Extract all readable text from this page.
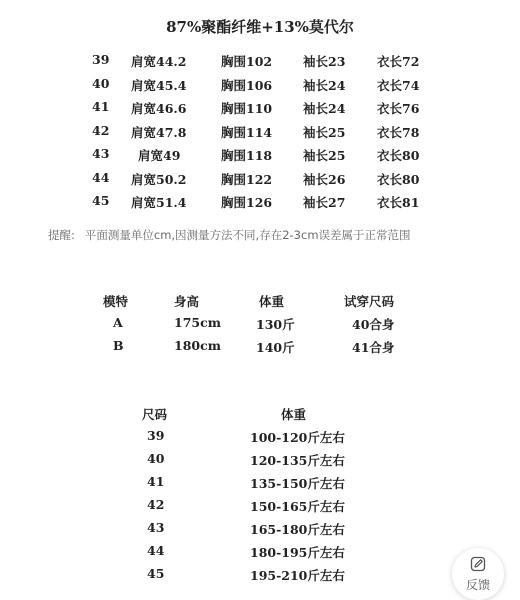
87%聚酯纤维+13%莫代尔
39 肩宽44.2	胸围102 袖长23	衣长72
40 肩宽45.4	胸围106 袖长24	衣长74
41 肩宽46.6	胸围110 袖长24	衣长76
42 肩宽47.8	胸围114 袖长25	衣长78
43 肩宽49	胸围118 袖长25	衣长80
44 肩宽50.2	胸围122 袖长26	衣长80
45 肩宽51.4	胸围126 袖长27	衣长81
提醒: 平面测量单位cm,因测量方法不同,存在2-3cm误差属于正常范围
模特	身高	体重	试穿尺码
A	175cm	130斤	40合身
B	180cm	140斤	41合身
尺码	体重
39	100-120斤左右
40	120-135斤左右
41	135-150斤左右
42	150-165斤左右
43	165-180斤左右
44	180-195斤左右
45	195-210斤左右
反馈
